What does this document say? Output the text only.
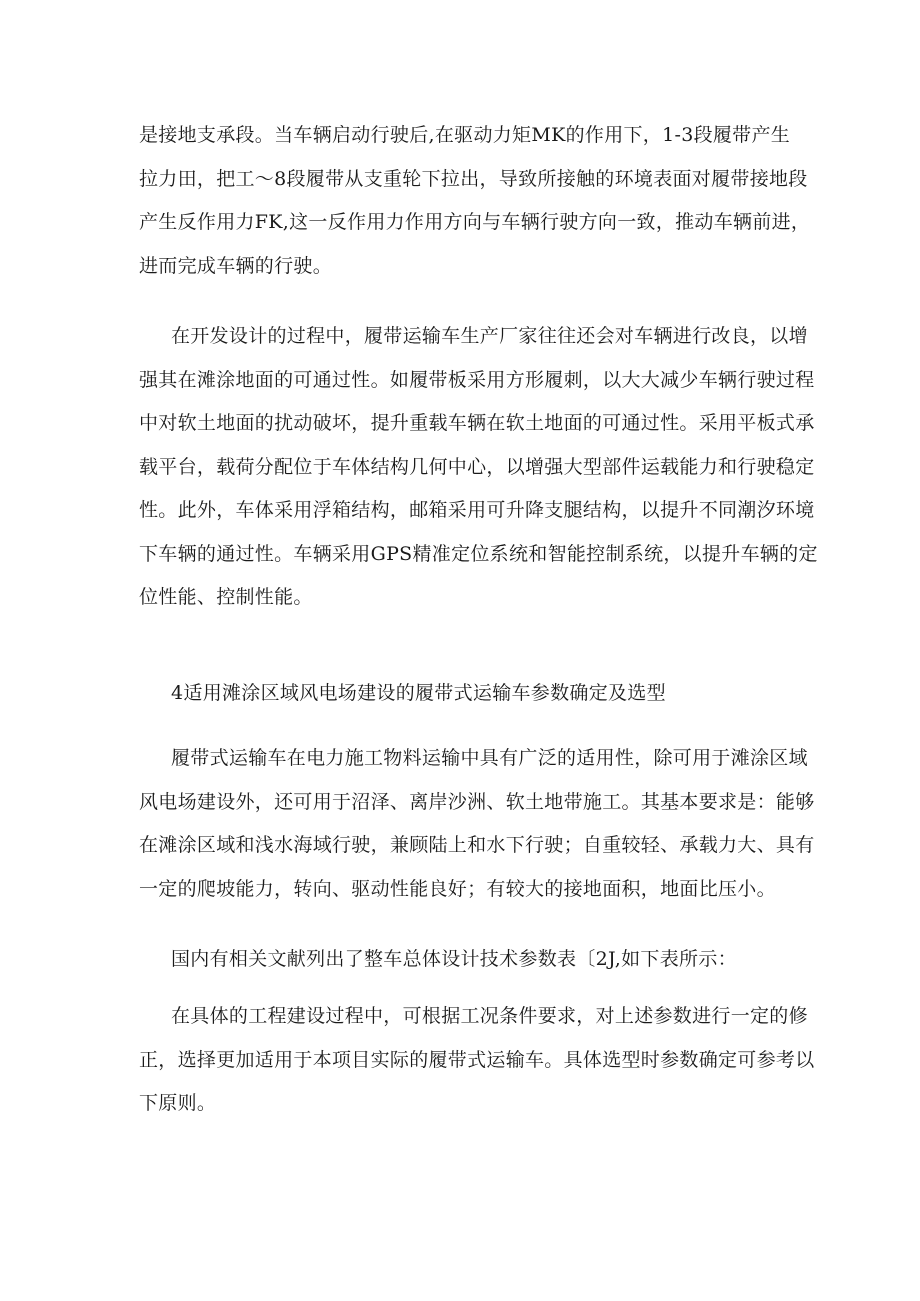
是接地支承段。当车辆启动行驶后,在驱动力矩MK的作用下，1-3段履带产生
拉力田，把工～8段履带从支重轮下拉出，导致所接触的环境表面对履带接地段
产生反作用力FK,这一反作用力作用方向与车辆行驶方向一致，推动车辆前进，
进而完成车辆的行驶。

在开发设计的过程中，履带运输车生产厂家往往还会对车辆进行改良，以增
强其在滩涂地面的可通过性。如履带板采用方形履刺，以大大减少车辆行驶过程
中对软土地面的扰动破坏，提升重载车辆在软土地面的可通过性。采用平板式承
载平台，载荷分配位于车体结构几何中心，以增强大型部件运载能力和行驶稳定
性。此外，车体采用浮箱结构，邮箱采用可升降支腿结构，以提升不同潮汐环境
下车辆的通过性。车辆采用GPS精准定位系统和智能控制系统，以提升车辆的定
位性能、控制性能。

4适用滩涂区域风电场建设的履带式运输车参数确定及选型

履带式运输车在电力施工物料运输中具有广泛的适用性，除可用于滩涂区域
风电场建设外，还可用于沼泽、离岸沙洲、软土地带施工。其基本要求是：能够
在滩涂区域和浅水海域行驶，兼顾陆上和水下行驶；自重较轻、承载力大、具有
一定的爬坡能力，转向、驱动性能良好；有较大的接地面积，地面比压小。

国内有相关文献列出了整车总体设计技术参数表〔2J,如下表所示：

在具体的工程建设过程中，可根据工况条件要求，对上述参数进行一定的修
正，选择更加适用于本项目实际的履带式运输车。具体选型时参数确定可参考以
下原则。
